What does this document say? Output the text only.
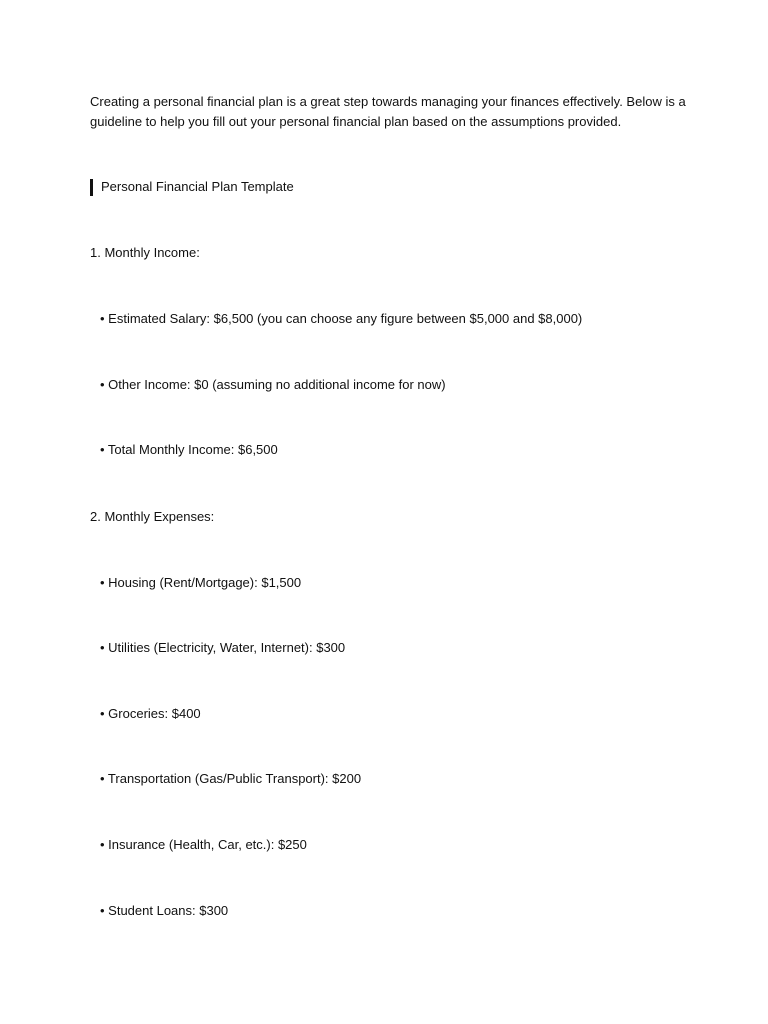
Creating a personal financial plan is a great step towards managing your finances effectively. Below is a guideline to help you fill out your personal financial plan based on the assumptions provided.

Personal Financial Plan Template
1. Monthly Income:
• Estimated Salary: $6,500 (you can choose any figure between $5,000 and $8,000)
• Other Income: $0 (assuming no additional income for now)
• Total Monthly Income: $6,500
2. Monthly Expenses:
• Housing (Rent/Mortgage): $1,500
• Utilities (Electricity, Water, Internet): $300
• Groceries: $400
• Transportation (Gas/Public Transport): $200
• Insurance (Health, Car, etc.): $250
• Student Loans: $300
